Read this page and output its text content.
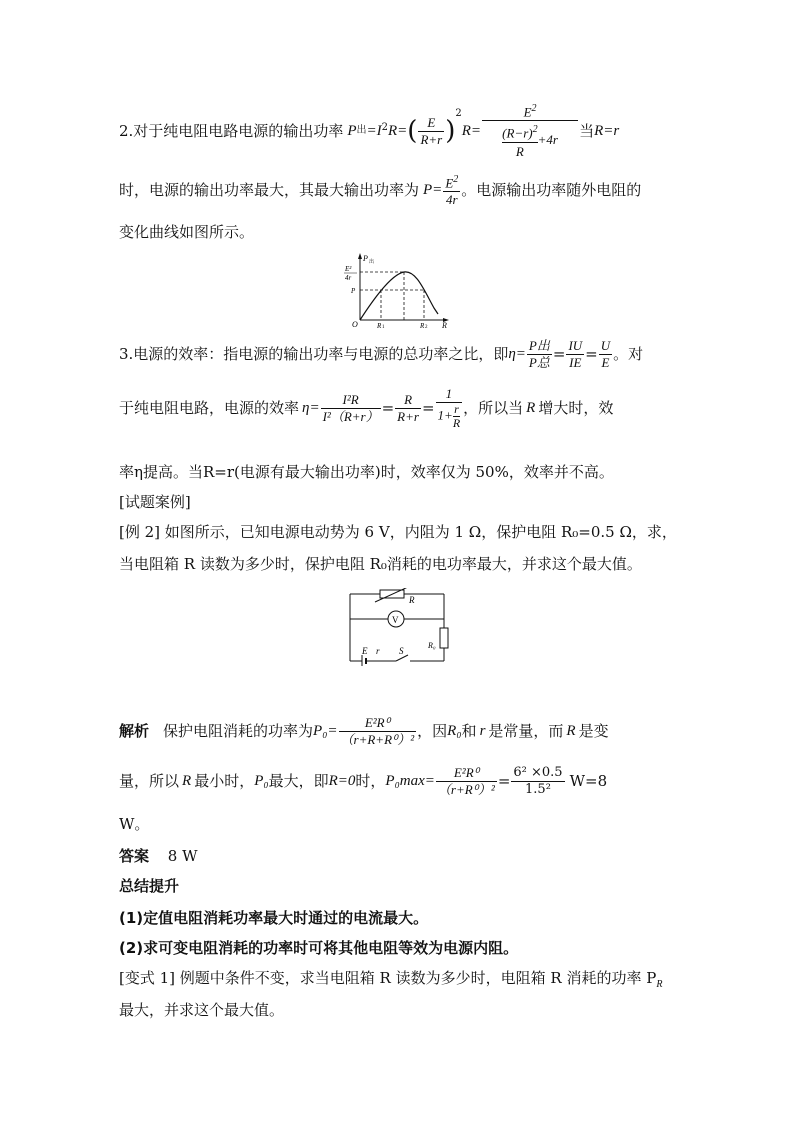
2.对于纯电阻电路电源的输出功率 P 出 $=I^2$ R= ( $\frac{E}{R+r}$ )
$^2$
$R= \frac{E^2}{\frac{(R-r)^2}{R} +4r}$ 当 R=r
时，电源的输出功率最大，其最大输出功率为 $P= \frac{E^2}{4r}$ 。电源输出功率随外电阻的
变化曲线如图所示。
P 出
E²
4r
P
O	R 1	R 2 R
3.电源的效率：指电源的输出功率与电源的总功率之比，即 $\eta= \frac{\text{P出}}{\text{P总}} = \frac{IU}{IE} = \frac{U}{E}$ 。对
于纯电阻电路，电源的效率 $\eta= \frac{\text{I²R}}{\text{I²（R+r）}} = \frac{R}{R+r} = \frac{1}{1+ \frac{r}{R}}$ ，所以当 R 增大时，效
率η提高。当R=r(电源有最大输出功率)时，效率仅为 50%，效率并不高。
[试题案例]
[例 2] 如图所示，已知电源电动势为 6 V，内阻为 1 Ω，保护电阻 R₀=0.5 Ω，求，
当电阻箱 R 读数为多少时，保护电阻 R₀消耗的电功率最大，并求这个最大值。
R
V
R₀
E r S
解析 保护电阻消耗的功率为 $P_0= \frac{\text{E²R⁰}}{\text{（r+R+R⁰）²}}$ ，因 R₀ 和 r 是常量，而 R 是变
量，所以 R 最小时， P₀ 最大，即 R=0 时， $P_0\max= \frac{\text{E²R⁰}}{\text{（r+R⁰）²}} = \frac{\text{6² ×0.5}}{\text{1.5²}} W=8$
W。
答案 8 W
总结提升
(1)定值电阻消耗功率最大时通过的电流最大。
(2)求可变电阻消耗的功率时可将其他电阻等效为电源内阻。
[变式 1] 例题中条件不变，求当电阻箱 R 读数为多少时，电阻箱 R 消耗的功率 $P_R$
最大，并求这个最大值。
